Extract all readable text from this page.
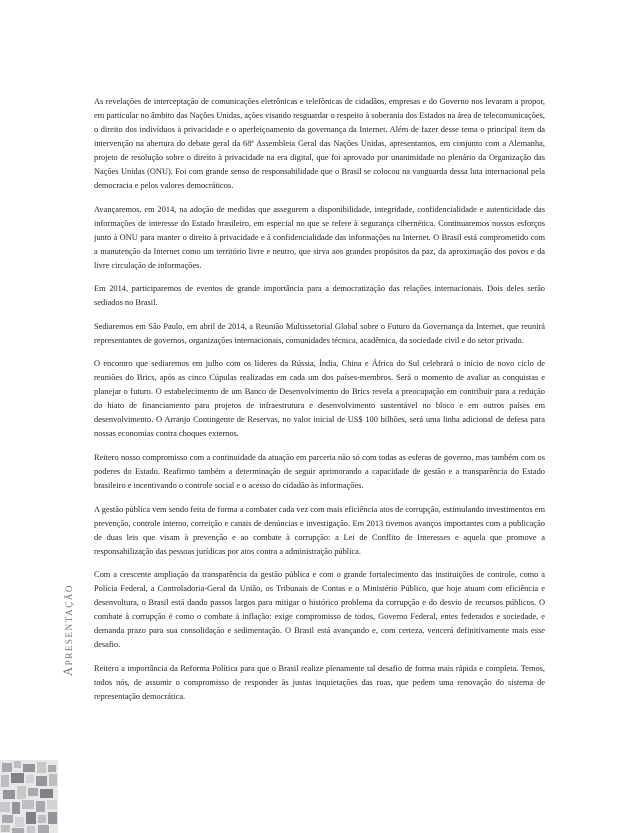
Apresentação

As revelações de interceptação de comunicações eletrônicas e telefônicas de cidadãos, empresas e do Governo nos levaram a propor, em particular no âmbito das Nações Unidas, ações visando resguardar o respeito à soberania dos Estados na área de telecomunicações, o direito dos indivíduos à privacidade e o aperfeiçoamento da governança da Internet. Além de fazer desse tema o principal item da intervenção na abertura do debate geral da 68ª Assembleia Geral das Nações Unidas, apresentamos, em conjunto com a Alemanha, projeto de resolução sobre o direito à privacidade na era digital, que foi aprovado por unanimidade no plenário da Organização das Nações Unidas (ONU). Foi com grande senso de responsabilidade que o Brasil se colocou na vanguarda dessa luta internacional pela democracia e pelos valores democráticos.

Avançaremos, em 2014, na adoção de medidas que assegurem a disponibilidade, integridade, confidencialidade e autenticidade das informações de interesse do Estado brasileiro, em especial no que se refere à segurança cibernética. Continuaremos nossos esforços junto à ONU para manter o direito à privacidade e à confidencialidade das informações na Internet. O Brasil está comprometido com a manutenção da Internet como um território livre e neutro, que sirva aos grandes propósitos da paz, da aproximação dos povos e da livre circulação de informações.

Em 2014, participaremos de eventos de grande importância para a democratização das relações internacionais. Dois deles serão sediados no Brasil.

Sediaremos em São Paulo, em abril de 2014, a Reunião Multissetorial Global sobre o Futuro da Governança da Internet, que reunirá representantes de governos, organizações internacionais, comunidades técnica, acadêmica, da sociedade civil e do setor privado.

O encontro que sediaremos em julho com os líderes da Rússia, Índia, China e África do Sul celebrará o início de novo ciclo de reuniões do Brics, após as cinco Cúpulas realizadas em cada um dos países-membros. Será o momento de avaliar as conquistas e planejar o futuro. O estabelecimento de um Banco de Desenvolvimento do Brics revela a preocupação em contribuir para a redução do hiato de financiamento para projetos de infraestrutura e desenvolvimento sustentável no bloco e em outros países em desenvolvimento. O Arranjo Contingente de Reservas, no valor inicial de US$ 100 bilhões, será uma linha adicional de defesa para nossas economias contra choques externos.

Reitero nosso compromisso com a continuidade da atuação em parceria não só com todas as esferas de governo, mas também com os poderes do Estado. Reafirmo também a determinação de seguir aprimorando a capacidade de gestão e a transparência do Estado brasileiro e incentivando o controle social e o acesso do cidadão às informações.

A gestão pública vem sendo feita de forma a combater cada vez com mais eficiência atos de corrupção, estimulando investimentos em prevenção, controle interno, correição e canais de denúncias e investigação. Em 2013 tivemos avanços importantes com a publicação de duas leis que visam à prevenção e ao combate à corrupção: a Lei de Conflito de Interesses e aquela que promove a responsabilização das pessoas jurídicas por atos contra a administração pública.

Com a crescente ampliação da transparência da gestão pública e com o grande fortalecimento das instituições de controle, como a Polícia Federal, a Controladoria-Geral da União, os Tribunais de Contas e o Ministério Público, que hoje atuam com eficiência e desenvoltura, o Brasil está dando passos largos para mitigar o histórico problema da corrupção e do desvio de recursos públicos. O combate à corrupção é como o combate à inflação: exige compromisso de todos, Governo Federal, entes federados e sociedade, e demanda prazo para sua consolidação e sedimentação. O Brasil está avançando e, com certeza, vencerá definitivamente mais esse desafio.

Reitero a importância da Reforma Política para que o Brasil realize plenamente tal desafio de forma mais rápida e completa. Temos, todos nós, de assumir o compromisso de responder às justas inquietações das ruas, que pedem uma renovação do sistema de representação democrática.
